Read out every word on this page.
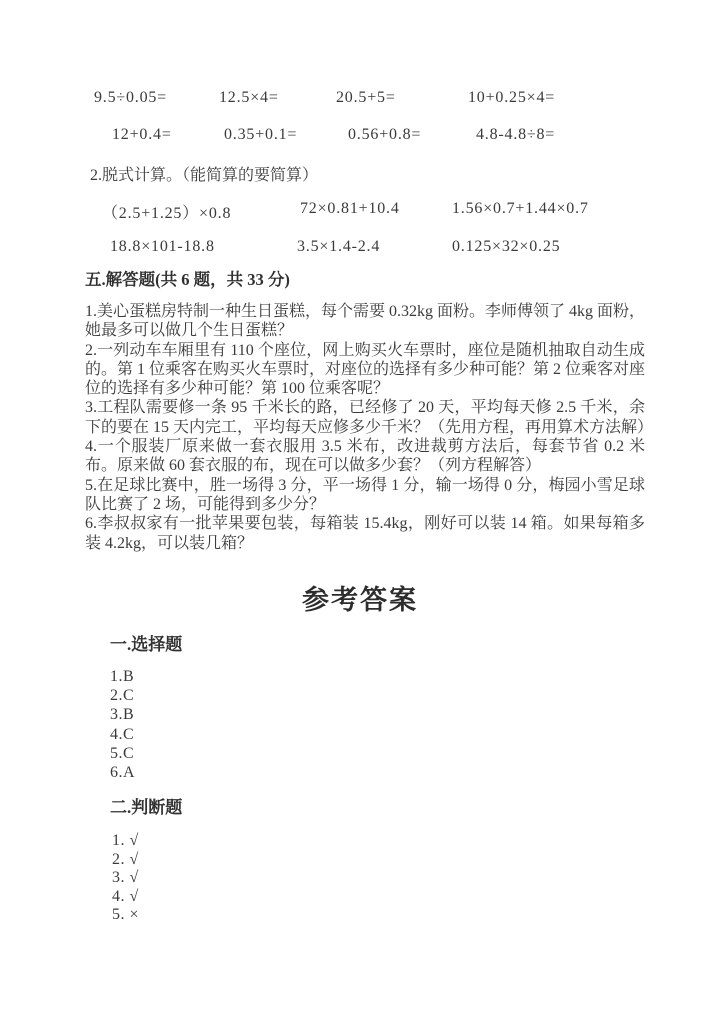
9.5÷0.05=	12.5×4=	20.5+5=	10+0.25×4=
12+0.4=	0.35+0.1=	0.56+0.8=	4.8-4.8÷8=
2.脱式计算。（能简算的要简算）
（2.5+1.25）×0.8	72×0.81+10.4	1.56×0.7+1.44×0.7
18.8×101-18.8	3.5×1.4-2.4	0.125×32×0.25
五.解答题(共 6 题，共 33 分)

1.美心蛋糕房特制一种生日蛋糕，每个需要 0.32kg 面粉。李师傅领了 4kg 面粉，她最多可以做几个生日蛋糕？

2.一列动车车厢里有 110 个座位，网上购买火车票时，座位是随机抽取自动生成的。第 1 位乘客在购买火车票时，对座位的选择有多少种可能？第 2 位乘客对座位的选择有多少种可能？第 100 位乘客呢？

3.工程队需要修一条 95 千米长的路，已经修了 20 天，平均每天修 2.5 千米，余下的要在 15 天内完工，平均每天应修多少千米？（先用方程，再用算术方法解）

4.一个服装厂原来做一套衣服用 3.5 米布，改进裁剪方法后，每套节省 0.2 米布。原来做 60 套衣服的布，现在可以做多少套？（列方程解答）

5.在足球比赛中，胜一场得 3 分，平一场得 1 分，输一场得 0 分，梅园小雪足球队比赛了 2 场，可能得到多少分？

6.李叔叔家有一批苹果要包装，每箱装 15.4kg，刚好可以装 14 箱。如果每箱多装 4.2kg，可以装几箱？

参考答案
一.选择题
1.B
2.C
3.B
4.C
5.C
6.A
二.判断题
1. √
2. √
3. √
4. √
5. ×
